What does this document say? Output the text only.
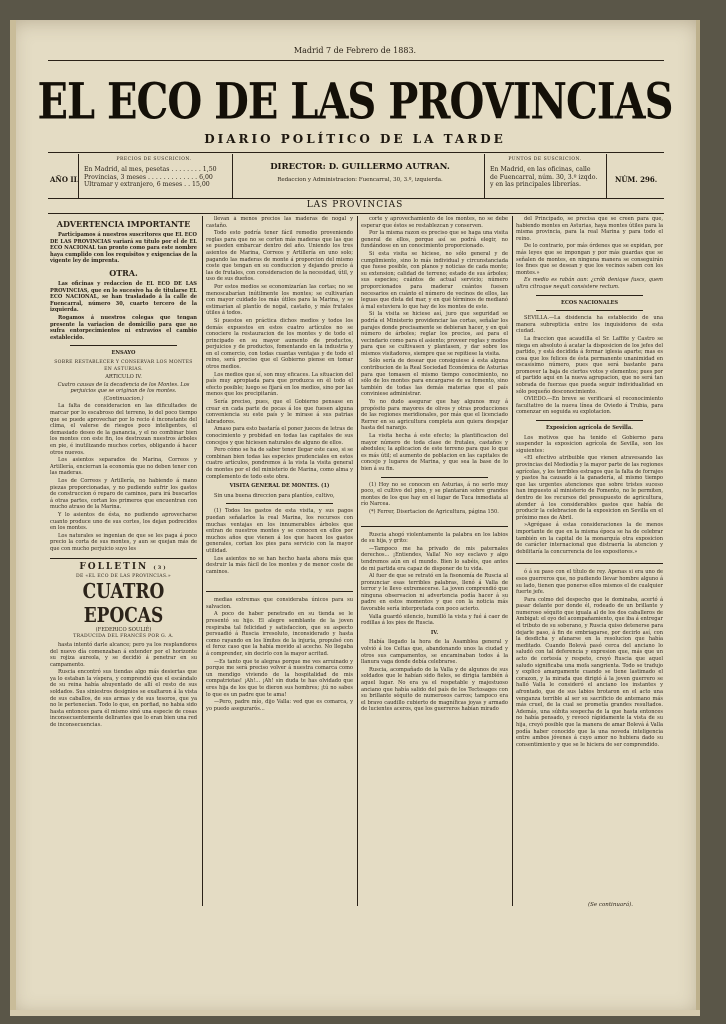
Madrid 7 de Febrero de 1883.
EL ECO DE LAS PROVINCIAS
DIARIO POLÍTICO DE LA TARDE
AÑO II.
PRECIOS DE SUSCRICION.
En Madrid, al mes, pesetas . . . . . . . . 1,50
Provincias, 3 meses . . . . . . . . . . . . . 6,00
Ultramar y extranjero, 6 meses . . 15,00
DIRECTOR: D. GUILLERMO AUTRAN.
Redaccion y Administracion: Fuencarral, 30, 3.º, izquierda.
PUNTOS DE SUSCRICION.
En Madrid, en las oficinas, calle de Fuencarral, núm. 30, 3.º izqdo. y en las principales librerías.
NÚM. 296.
LAS PROVINCIAS

ADVERTENCIA IMPORTANTE

Participamos á nuestros suscritores que EL ECO DE LAS PROVINCIAS variará su título por el de EL ECO NACIONAL tan pronto como para este nombre haya cumplido con los requisitos y exigencias de la vigente ley de imprenta.

OTRA.

Las oficinas y redaccion de EL ECO DE LAS PROVINCIAS, que en lo sucesivo ha de titularse EL ECO NACIONAL, se han trasladado á la calle de Fuencarral, número 30, cuarto tercero de la izquierda.

Rogamos á nuestros colegas que tengan presente la variacion de domicilio para que no sufra entorpecimientos ni extravíos el cambio establecido.

ENSAYO

SOBRE RESTABLECER Y CONSERVAR LOS MONTES EN ASTURIAS.

ARTICULO IV.

Cuatro causas de la decadencia de los Montes. Los perjuicios que se originan de los montes.

(Continuacion.)

La falta de consideracion en las dificultades de marcar por lo escabroso del terreno, lo del poco tiempo que se puede aprovechar por lo recio é inconstante del clima, el valerse de riesgos poco inteligentes, el demasiado deseo de la ganancia, y el no combinar bien los montes con este fin, los destrozan nuestros árboles en pie, é inutilizando muchos cortes, obligando á hacer otros nuevos.

Los asientos separados de Marina, Correos y Artillería, encierran la economía que no deben tener con las maderas.

Los de Correos y Artillería, no habiendo á mano piezas proporcionadas, y no pudiendo sufrir los gastos de construccion ó reparo de caminos, para irá buscarlos á otras partes, cortan los primeros que encuentran con mucho atraso de la Marina.

Y lo asientos de ésta, no pudiendo aprovecharse cuanto produce uno de sus cortes, los dejan podrecidos en los montes.

Los naturales se ingenian de que se les paga á poco precio la corta de sus montes, y aun se quejan más de que con mucho perjuicio suyo les

FOLLETIN (3)

DE «EL ECO DE LAS PROVINCIAS.»

CUATRO EPOCAS

(FEDERICO SOULIÉ)

TRADUCIDA DEL FRANCÉS POR G. A.

hasta intentó darle alcance; pero ya los resplandores del nuevo día comenzaban á extender por el horizonte su rojiza aureola, y se decidió á penetrar en su campamento.

Ruscia encontró sus tiendas algo más desiertas que ya lo estaban la víspera, y comprendió que el escándalo de su reina había ahuyentado de allí el resto de sus soldados. Sus siniestros designios se exaltaron á la vista de sus caballos, de sus armas y de sus tesoros, que ya no le pertenecían. Todo lo que, en porfiad, no había sido hasta entonces para él mismo sinó una especie de cosas inconsecuentemente delirantes que lo eran bien una red de inconsecuencias.

llevan á menos precios las maderas de nogal y castaño.

Todo esto podría tener fácil remedio proveniendo reglas para que no se corten más maderas que las que se pueden embarcar dentro del año. Uniendo los tres asientos de Marina, Correos y Artillería en uno solo; pagando las maderas de monte á proporcion del mismo coste que tengan en su conduccion y dejando precio á las de frutales, con consideracion de la necesidad, útil, y uso de sus dueños.

Por estos medios se economizarían las cortas; no se menoscabarían inútilmente los montes; se cultivarían con mayor cuidado los más útiles para la Marina, y se estimarían al plantío de nogal, castaño, y más frutales útiles á todos.

Si puestos en práctica dichos medios y todos los demás expuestos en estos cuatro artículos no se conociere la restauracion de los montes y de todo el principado en su mayor aumento de productos, perjuicios y de productos, fomentando en la industria y en el comercio, con todas cuantas ventajas y de todo el reino, será preciso que el Gobierno piense en tomar otros medios.

Los medios que sí, son muy eficaces. La situacion del país muy apropiada para que produzca en él todo el efecto posible; luego se fijará en los medios, sino por las menos que los precipitarán.

Sería preciso, pues, que el Gobierno pensase en crear en cada parte de pocas á los que fuesen alguna conveniencia su este país y le mirase á sus patrias labradores.

Amaso para esto bastaría el poner jueces de letras de conocimiento y probidad en todas las capitales de sus concejos y que hiciesen naturales de alguno de ellos.

Pero cómo se ha de saber tener llegar este caso, si se combinan bien todas las especies prudenciales en estos cuatro artículos, pondremos á la vista la visita general de montes por el del ministerio de Marina, como alma y complemento de todo este obra.

VISITA GENERAL DE MONTES. (1)

Sin una buena direccion para plantíos, cultivo,

(1) Todos los gastos de esta visita, y sus pagos puedan señalarlos la real Marina, los recursos con muchas ventajas en los innumerables árboles que entran de nuestros montes y se conocen en ellos por muchos años que vienen á los que hacen los gastos generales, cortan los pies para servicio con la mayor utilidad.

Los asientos no se han hecho hasta ahora más que destruir la más fácil de los montes y de menor coste de caminos.

medias extremas que consideraba únicos para su salvacion.

A poco de haber penetrado en su tienda se le presentó su hijo. El alegre semblante de la joven respiraba tal felicidad y satisfaccion, que su aspecto persuadió á Ruscia irresoluto, inconsiderado y hasta como rayando en los límites de la injuria, propulsó con el feroz caso que la había movido al acecho. No llegaba á comprender, sin decirlo con la mayor acritud.

—Es tanto que te alegras porque me ves arruinado y porque me será preciso volver á nuestra comarca como un mendigo viviendo de la hospitalidad de mis compatriotas! ¡Ah!... ¡Ah! sin duda te has olvidado que eres hija de los que te dieron sus hombres; ¡tú no sabes lo que es un padre que te ama!

—Pero, padre mío, dijo Valla: ved que es comarca, y yo puedo asegurarós...

corte y aprovechamiento de los montes, no se debe esperar que éstos se restablezcan y conserven.

Por la misma razon es preciso que se haga una visita general de ellos, porque así se podrá elegir, no fundándose en un conocimiento proporcionado.

Si esta visita se hiciese, no sólo general y de cumplimiento, sino lo más individual y circunstanciada que fuese posible, con planos y noticias de cada monte; su extension; calidad de terreno; estado de sus árboles; sus especies; cuántos de actual servicio; número proporcionados para maderar cuántos fuesen necesarios en cuánto el número de vecinos de ellos, las leguas que dista del mar, y en qué términos de medianó á mal estuviera lo que hay de los montes de este.

Si la visita se hiciese así, juro que seguridad se podría el Ministerio providenciar las cortas, señalar los parajes donde precisamente se debieran hacer, y en qué número de árboles; reglar los precios, así para el vecindario como para el asiento; proveer reglas y modos para que se cultivasen y plantasen, y dar sobre los mismos visitadores, siempre que se repitiese la visita.

Sólo sería de desear que consiguiese á esta alguna contribucion de la Real Sociedad Económica de Asturias para que tomasen el mismo tiempo conocimiento, no sólo de los montes para encargarse de su fomento, sino también de todas las demás materias que el país conviniese administrar.

Yo no dudo asegurar que hay algunos muy á propósito para mayores de olivos y otras producciones de las regiones meridionales, por más que el licenciado Rerrer en su agricultura completa aun quiera despejar hasta del naranjo.

La visita hecha á este efecto; la plantificacion del mayor número de toda clase de frutales, castaños y abedules; la aplicacion de este terreno para que lo que es más útil; el aumento de poblacion en las capitales de concejo y lugares de Marina, y que sea la base de lo bien á su fin.

(1) Hoy no se conocen en Asturias, á no serlo muy poco, el cultivo del pino, y se plantarán sobre grandes montes de los que hay en el lugar de Tuca inmediata al río Narcea.

(*) Ferrer, Disertacion de Agricultura, página 150.

Ruscia ahogó violentamente la palabra en los labios de su hija, y grito:

—Tampoco me ha privado de mis paternales derechos... ¡Entiendes, Valla! No soy esclavo y algo tendremos aún en el mundo. Bien lo sabéis, que antes de mi partida era capaz de disponer de tu vida.

Al fuer de que se retrató en la fisonomía de Ruscia al pronunciar esas terribles palabras, llenó á Valla de terror y le llevo extremecerse. La joven comprendió que ninguna observacion ni advertencia podía hacer á su padre en estos momentos y que con la noticia más favorable sería interpretada con poco acierto.

Valla guardó silencio, humilló la vista y fué á caer de rodillas á los pies de Ruscia.

IV.

Había llegado la hora de la Asamblea general y volvió á los Celtas que, abandonando unos la ciudad y otros sus campamentos, se encaminaban todos á la llanura vaga donde debía celebrarse.

Ruscia, acompañado de la Valla y de algunos de sus soldados que le habían sido fieles, se dirigía también á aquel lugar. No era ya el respetable y majestuoso anciano que había salido del país de los Tectosages con su brillante séquito de numerosos carros; tampoco era el bravo caudillo cubierto de magníficas joyas y armado de lucientes aceros, que los guerreros habían mirado

del Principado, se precisa que se creen para que, habiendo montes en Asturias, haya montes útiles para la misma provincia, para la real Marina y para todo el reino.

De lo contrario, por más órdenes que se expidan, por más leyes que se impongan y por más guardas que se señalen de montes, en ninguna manera se conseguirán los fines que se desean y que los vecinos saben con los montes.»

Es medio es rabán aun: ¿crób denique fuscs, quem ultra citraque nequit consistere rectum.

ECOS NACIONALES

SEVILLA.—La disidencia ha establecido de una manera subrepticia entre los inquisidores de esta ciudad.

La fraccion que acaudilla el Sr. Laffite y Castro se niega en absoluto á acatar la disposicion de los jefes del partido, y está decidida á formar iglesia aparte; mas es cosa que los felices de ésta permanente unanimidad en escasísimo número, pues que será bastante para promover la baja de ciertos votos y elementos; pues por el partido aquí en la nueva agrupacion, que no será tan sobrada de fuerzas que pueda seguir individualidad en sólo pequeño desconocimiento.

OVIEDO.—En breve se verificará el reconocimiento facultativo de la nueva línea de Oviedo á Trubia, para comenzar en seguida su explotacion.

Exposicion agrícola de Sevilla.

Los motivos que ha tenido el Gobierno para suspender la exposicion agrícola de Sevilla, son los siguientes:

«El efectivo atribuible que vienen atravesando las provincias del Mediodía y la mayor parte de las regiones agrícolas, y los terribles estragos que la falta de forrajes y pastos ha causado á la ganadería, al mismo tiempo que las urgentes atenciones que sobre tristes suceso han impuesto al ministerio de Fomento, no le permiten, dentro de los recursos del presupuesto de agricultura, atender á los considerables gastos que había de producir la celebracion de la exposicion en Sevilla en el próximo mes de Abril.

»Agrégase á estas consideraciones la de menos importante de que en la misma época se ha de celebrar también en la capital de la monarquía otra exposicion de carácter internacional que distraería la atencion y debilitaría la concurrencia de los expositores.»

ó á su paso con el título de rey. Apenas si era uno de esos guerreros que, no pudiendo llevar hombre alguno á su lado, tienen que ponerse ellos mismos el de cualquier fuerte jefe.

Para colmo del despecho que le dominaba, acertó á pasar delante por donde él, rodeado de un brillante y numeroso séquito que iguala al de los dos caballeros de Ambigat: el oyo del acompañamiento, que iba á entregar el tributo de su soberano, y Ruscia quiso detenerse para dejarle paso, á fin de embriagarse, por decirlo así, con la desdicha y afanarse en la resolucion que había meditado. Cuando Bolevá pasó cerca del anciano lo saludó con tal deferencia y expresion que, más que un acto de cortesía y respeto, creyó Ruscia que aquel saludo significaba una mofa sangrienta. Todo se tradujo y explicó amargamente cuando se tiene lastimado el corazon, y la mirada que dirigió á la joven guerrero se halló Valla le consideró el anciano los instantes y afrontado, que de sus labios brotaron en el acto una venganza terrible al ser su sacrificio de antemano más más cruel, de la cual se prometía grandes resultados. Además, una súbita sospecha de la que hasta entonces no había pensado, y revocó rápidamente la vista de su hija, creyó posible que la manera de amar Bolevá á Valla podía haber conocido que la una noveda inteligencia entre ambos jóvenes á cuyo amor no hubiera dado su consentimiento y que se le hiciera de ser comprendido.

(Se continuará).
